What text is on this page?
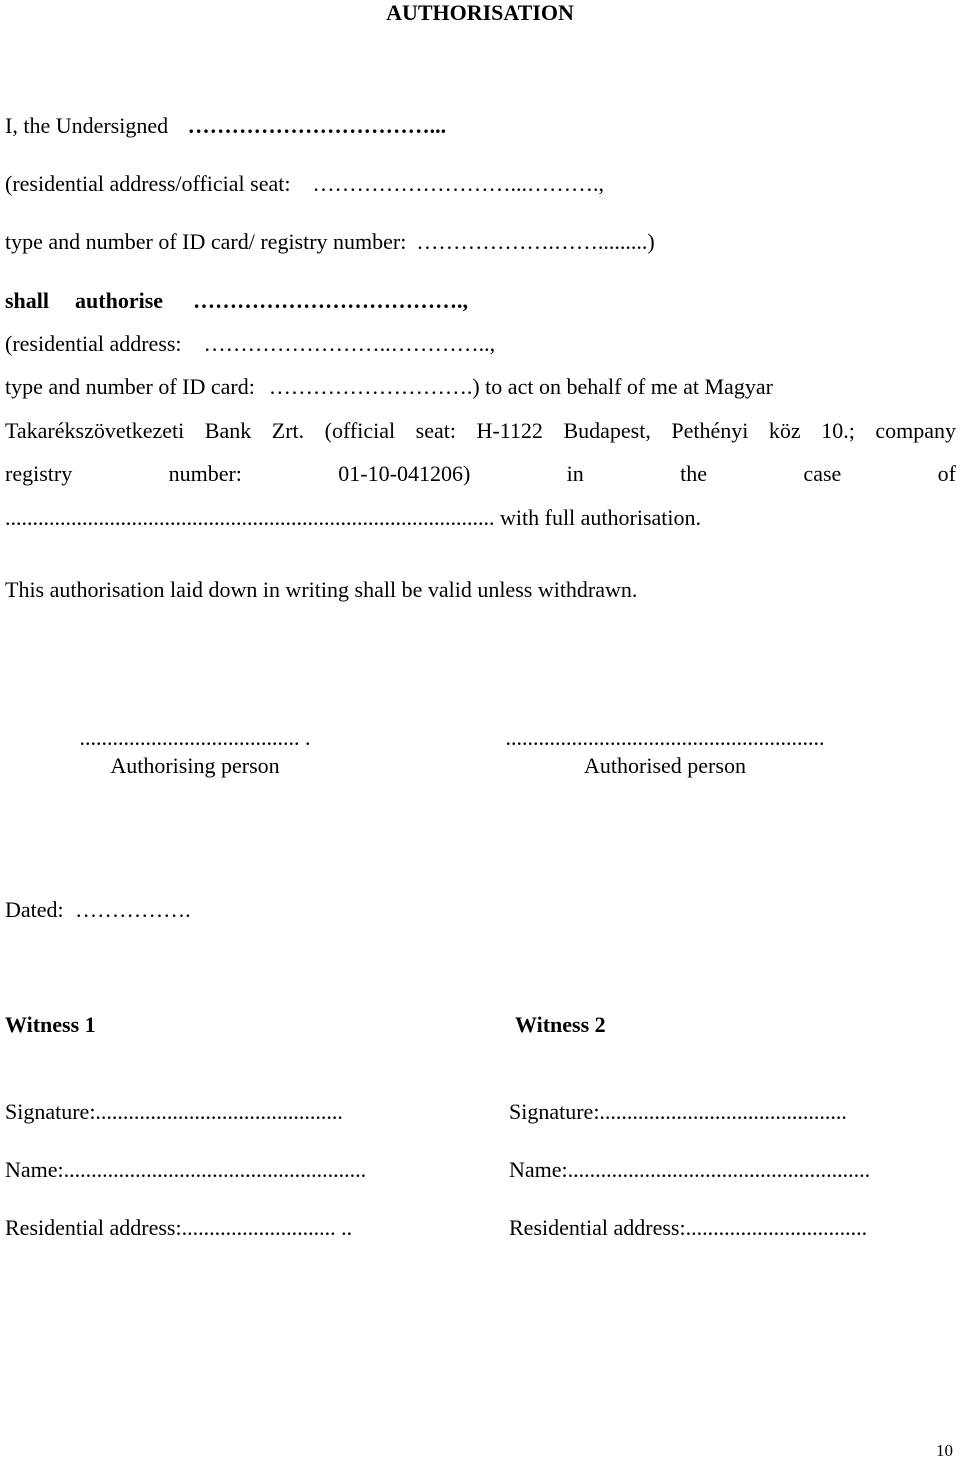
AUTHORISATION
I, the Undersigned ……………………………...
(residential address/official seat: ………………………...……….,
type and number of ID card/ registry number: ……………….…….........)
shall authorise ……………………………….,
(residential address: ……………………..…………..,
type and number of ID card: ……………………….) to act on behalf of me at Magyar
Takarékszövetkezeti Bank Zrt. (official seat: H-1122 Budapest, Pethényi köz 10.; company
registry number: 01-10-041206) in the case of
......................................................................................... with full authorisation.
This authorisation laid down in writing shall be valid unless withdrawn.
........................................ .
Authorising person
..........................................................
Authorised person
Dated: …………….
Witness 1	Witness 2
Signature:.............................................	Signature:.............................................
Name:.......................................................	Name:.......................................................
Residential address:............................ ..	Residential address:.................................
10
